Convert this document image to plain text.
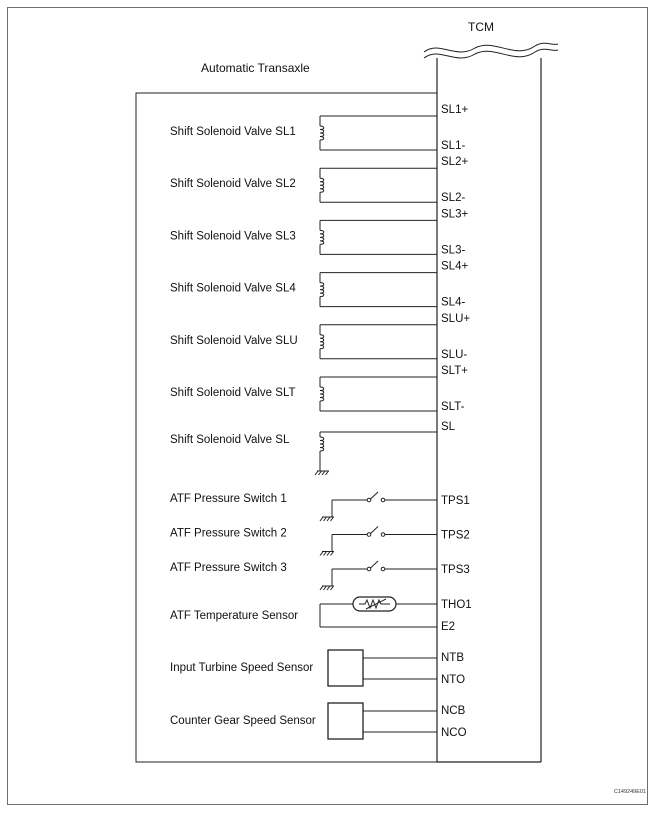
TCM
Automatic Transaxle
Shift Solenoid Valve SL1
SL1+
SL1-
Shift Solenoid Valve SL2
SL2+
SL2-
Shift Solenoid Valve SL3
SL3+
SL3-
Shift Solenoid Valve SL4
SL4+
SL4-
Shift Solenoid Valve SLU
SLU+
SLU-
Shift Solenoid Valve SLT
SLT+
SLT-
Shift Solenoid Valve SL
SL
ATF Pressure Switch 1	TPS1
ATF Pressure Switch 2	TPS2
ATF Pressure Switch 3	TPS3
ATF Temperature Sensor
THO1
E2
Input Turbine Speed Sensor
NTB
NTO
Counter Gear Speed Sensor
NCB
NCO
C149249E01
